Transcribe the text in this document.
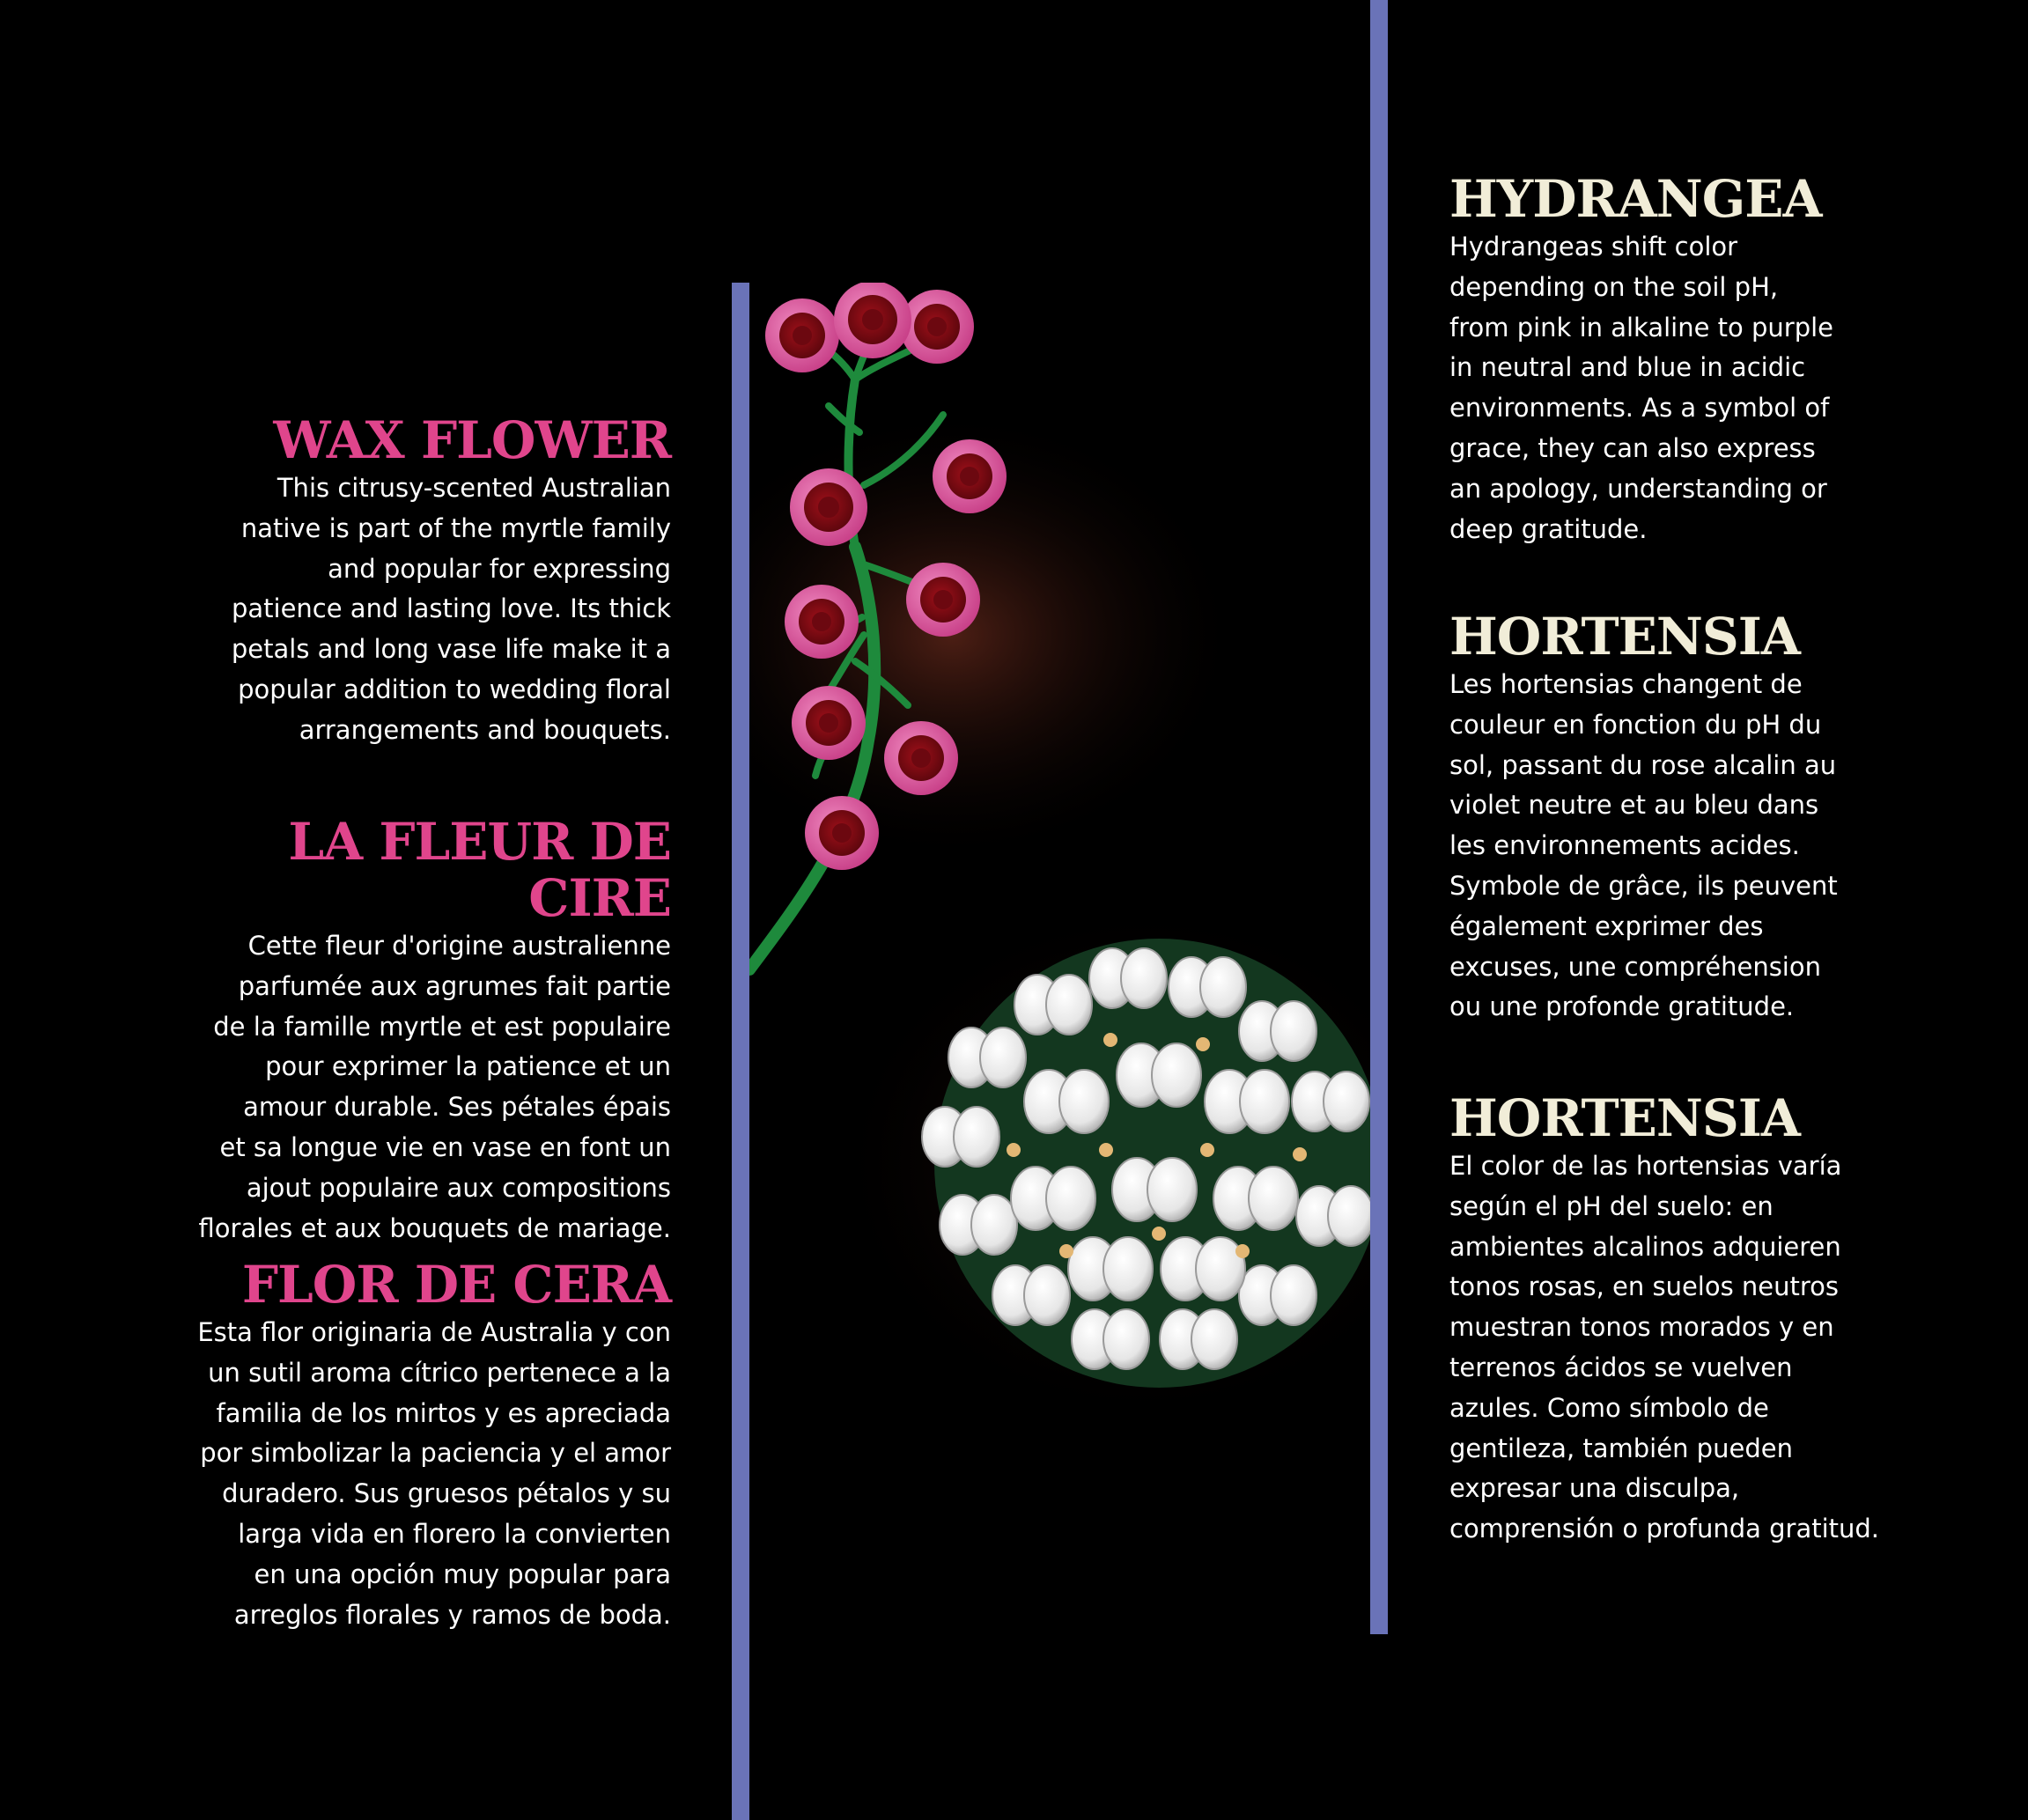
WAX FLOWER

This citrusy-scented Australian
native is part of the myrtle family
and popular for expressing
patience and lasting love. Its thick
petals and long vase life make it a
popular addition to wedding floral
arrangements and bouquets.

LA FLEUR DE CIRE

Cette fleur d'origine australienne
parfumée aux agrumes fait partie
de la famille myrtle et est populaire
pour exprimer la patience et un
amour durable. Ses pétales épais
et sa longue vie en vase en font un
ajout populaire aux compositions
florales et aux bouquets de mariage.

FLOR DE CERA

Esta flor originaria de Australia y con
un sutil aroma cítrico pertenece a la
familia de los mirtos y es apreciada
por simbolizar la paciencia y el amor
duradero. Sus gruesos pétalos y su
larga vida en florero la convierten
en una opción muy popular para
arreglos florales y ramos de boda.

HYDRANGEA

Hydrangeas shift color
depending on the soil pH,
from pink in alkaline to purple
in neutral and blue in acidic
environments. As a symbol of
grace, they can also express
an apology, understanding or
deep gratitude.

HORTENSIA

Les hortensias changent de
couleur en fonction du pH du
sol, passant du rose alcalin au
violet neutre et au bleu dans
les environnements acides.
Symbole de grâce, ils peuvent
également exprimer des
excuses, une compréhension
ou une profonde gratitude.

HORTENSIA

El color de las hortensias varía
según el pH del suelo: en
ambientes alcalinos adquieren
tonos rosas, en suelos neutros
muestran tonos morados y en
terrenos ácidos se vuelven
azules. Como símbolo de
gentileza, también pueden
expresar una disculpa,
comprensión o profunda gratitud.
